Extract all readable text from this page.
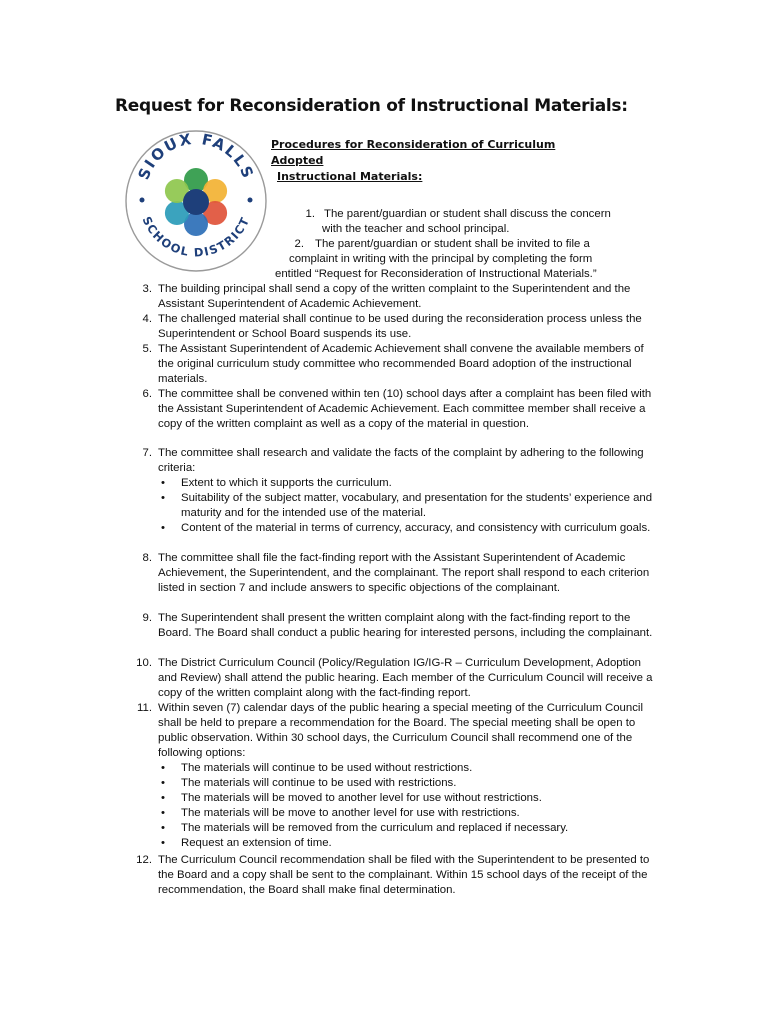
Request for Reconsideration of Instructional Materials:
SIOUX FALLS
SCHOOL DISTRICT
Procedures for Reconsideration of Curriculum Adopted
Instructional Materials:
1. The parent/guardian or student shall discuss the concern
with the teacher and school principal.
2. The parent/guardian or student shall be invited to file a
complaint in writing with the principal by completing the form
entitled “Request for Reconsideration of Instructional Materials.”
3. The building principal shall send a copy of the written complaint to the Superintendent and the Assistant Superintendent of Academic Achievement.
4. The challenged material shall continue to be used during the reconsideration process unless the Superintendent or School Board suspends its use.
5. The Assistant Superintendent of Academic Achievement shall convene the available members of the original curriculum study committee who recommended Board adoption of the instructional materials.
6. The committee shall be convened within ten (10) school days after a complaint has been filed with the Assistant Superintendent of Academic Achievement. Each committee member shall receive a copy of the written complaint as well as a copy of the material in question.
7. The committee shall research and validate the facts of the complaint by adhering to the following criteria:
• Extent to which it supports the curriculum.
• Suitability of the subject matter, vocabulary, and presentation for the students’ experience and maturity and for the intended use of the material.
• Content of the material in terms of currency, accuracy, and consistency with curriculum goals.
8. The committee shall file the fact-finding report with the Assistant Superintendent of Academic Achievement, the Superintendent, and the complainant. The report shall respond to each criterion listed in section 7 and include answers to specific objections of the complainant.
9. The Superintendent shall present the written complaint along with the fact-finding report to the Board. The Board shall conduct a public hearing for interested persons, including the complainant.
10. The District Curriculum Council (Policy/Regulation IG/IG-R – Curriculum Development, Adoption and Review) shall attend the public hearing. Each member of the Curriculum Council will receive a copy of the written complaint along with the fact-finding report.
11. Within seven (7) calendar days of the public hearing a special meeting of the Curriculum Council shall be held to prepare a recommendation for the Board. The special meeting shall be open to public observation. Within 30 school days, the Curriculum Council shall recommend one of the following options:
• The materials will continue to be used without restrictions.
• The materials will continue to be used with restrictions.
• The materials will be moved to another level for use without restrictions.
• The materials will be move to another level for use with restrictions.
• The materials will be removed from the curriculum and replaced if necessary.
• Request an extension of time.
12. The Curriculum Council recommendation shall be filed with the Superintendent to be presented to the Board and a copy shall be sent to the complainant. Within 15 school days of the receipt of the recommendation, the Board shall make final determination.
